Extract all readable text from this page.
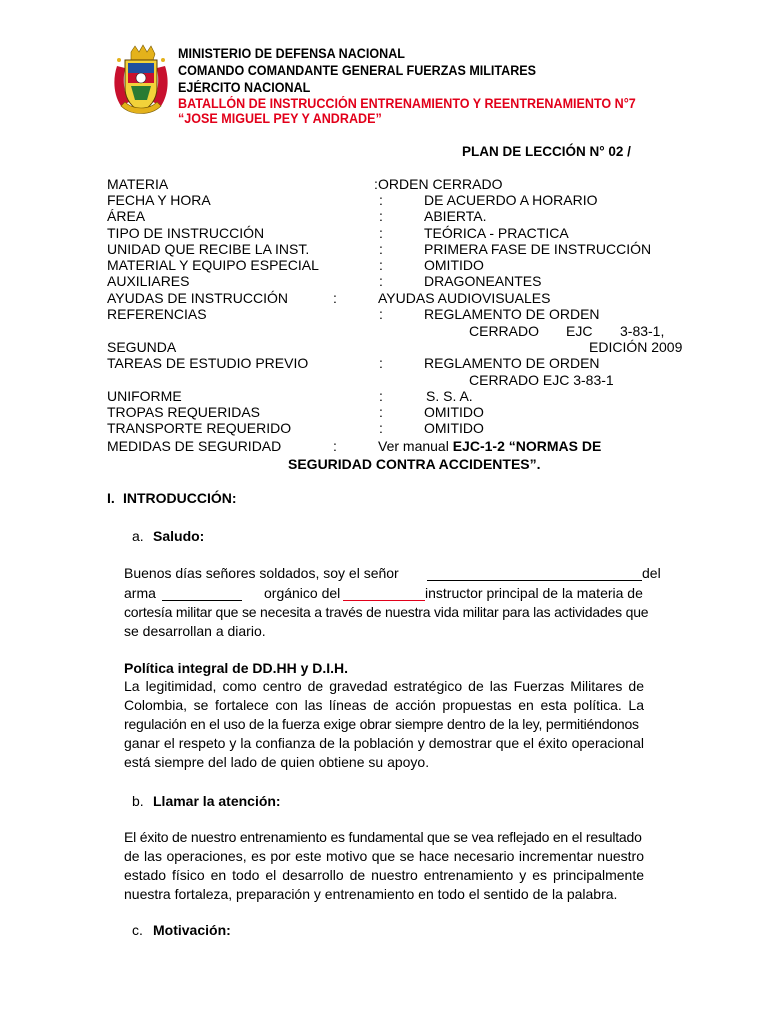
MINISTERIO DE DEFENSA NACIONAL
COMANDO COMANDANTE GENERAL FUERZAS MILITARES
EJÉRCITO NACIONAL
BATALLÓN DE INSTRUCCIÓN ENTRENAMIENTO Y REENTRENAMIENTO N°7
“JOSE MIGUEL PEY Y ANDRADE”
PLAN DE LECCIÓN N° 02 /
MATERIA	: ORDEN CERRADO
FECHA Y HORA	:	DE ACUERDO A HORARIO
ÁREA	:	ABIERTA.
TIPO DE INSTRUCCIÓN	:	TEÓRICA - PRACTICA
UNIDAD QUE RECIBE LA INST.	:	PRIMERA FASE DE INSTRUCCIÓN
MATERIAL Y EQUIPO ESPECIAL	:	OMITIDO
AUXILIARES	:	DRAGONEANTES
AYUDAS DE INSTRUCCIÓN	:	AYUDAS AUDIOVISUALES
REFERENCIAS	:	REGLAMENTO DE ORDEN
CERRADO EJC 3-83-1,
SEGUNDA	EDICIÓN 2009
TAREAS DE ESTUDIO PREVIO	:	REGLAMENTO DE ORDEN
CERRADO EJC 3-83-1
UNIFORME	:	S. S. A.
TROPAS REQUERIDAS	:	OMITIDO
TRANSPORTE REQUERIDO	:	OMITIDO
MEDIDAS DE SEGURIDAD	:	Ver manual EJC-1-2 “NORMAS DE
SEGURIDAD CONTRA ACCIDENTES”.
I. INTRODUCCIÓN:
a. Saludo:
Buenos días señores soldados, soy el señor	del
arma	orgánico del	instructor principal de la materia de
cortesía militar que se necesita a través de nuestra vida militar para las actividades que
se desarrollan a diario.
Política integral de DD.HH y D.I.H.
La legitimidad, como centro de gravedad estratégico de las Fuerzas Militares de
Colombia, se fortalece con las líneas de acción propuestas en esta política. La
regulación en el uso de la fuerza exige obrar siempre dentro de la ley, permitiéndonos
ganar el respeto y la confianza de la población y demostrar que el éxito operacional
está siempre del lado de quien obtiene su apoyo.
b. Llamar la atención:
El éxito de nuestro entrenamiento es fundamental que se vea reflejado en el resultado
de las operaciones, es por este motivo que se hace necesario incrementar nuestro
estado físico en todo el desarrollo de nuestro entrenamiento y es principalmente
nuestra fortaleza, preparación y entrenamiento en todo el sentido de la palabra.
c. Motivación:
